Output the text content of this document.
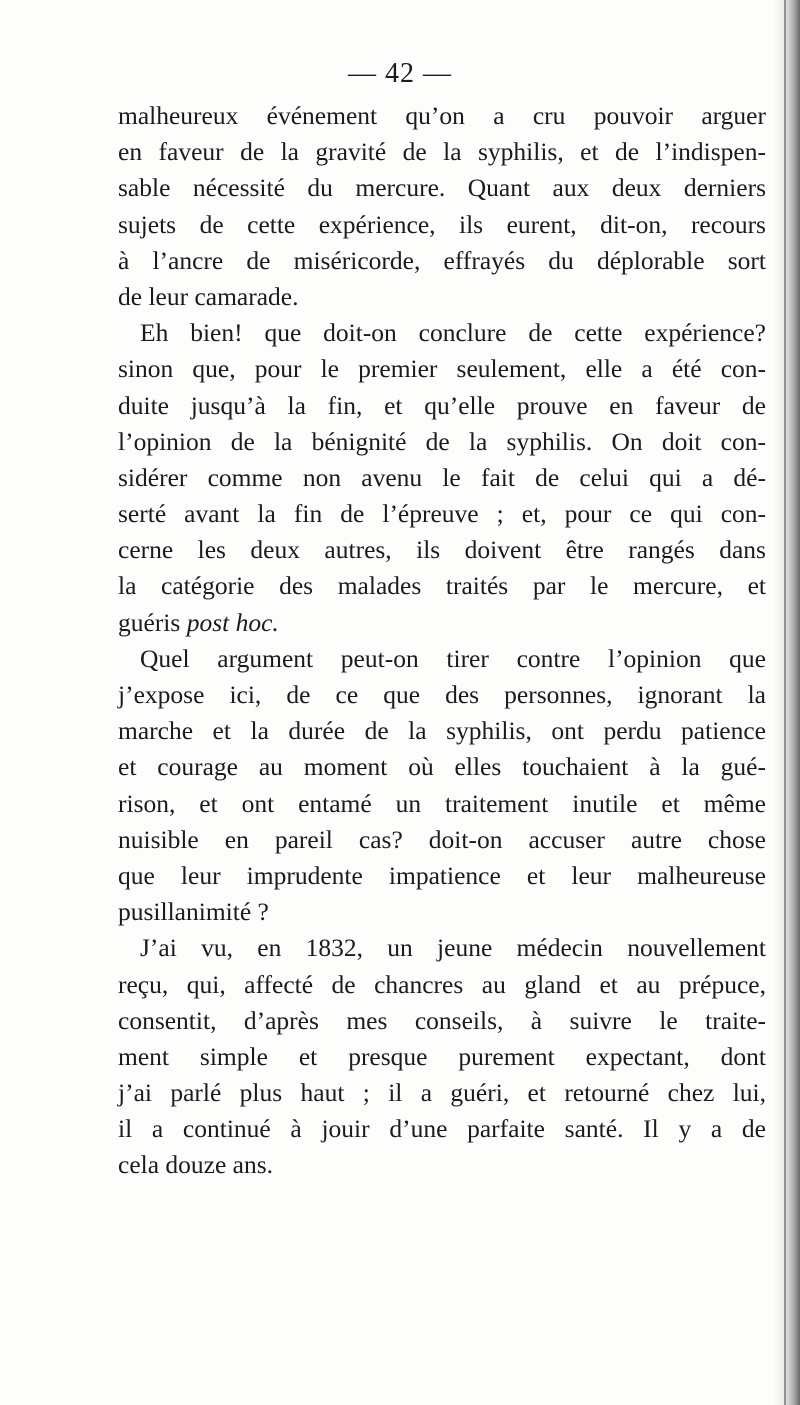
— 42 —
malheureux événement qu’on a cru pouvoir arguer
en faveur de la gravité de la syphilis, et de l’indispen-
sable nécessité du mercure. Quant aux deux derniers
sujets de cette expérience, ils eurent, dit-on, recours
à l’ancre de miséricorde, effrayés du déplorable sort
de leur camarade.
Eh bien! que doit-on conclure de cette expérience?
sinon que, pour le premier seulement, elle a été con-
duite jusqu’à la fin, et qu’elle prouve en faveur de
l’opinion de la bénignité de la syphilis. On doit con-
sidérer comme non avenu le fait de celui qui a dé-
serté avant la fin de l’épreuve ; et, pour ce qui con-
cerne les deux autres, ils doivent être rangés dans
la catégorie des malades traités par le mercure, et
guéris post hoc.
Quel argument peut-on tirer contre l’opinion que
j’expose ici, de ce que des personnes, ignorant la
marche et la durée de la syphilis, ont perdu patience
et courage au moment où elles touchaient à la gué-
rison, et ont entamé un traitement inutile et même
nuisible en pareil cas? doit-on accuser autre chose
que leur imprudente impatience et leur malheureuse
pusillanimité ?
J’ai vu, en 1832, un jeune médecin nouvellement
reçu, qui, affecté de chancres au gland et au prépuce,
consentit, d’après mes conseils, à suivre le traite-
ment simple et presque purement expectant, dont
j’ai parlé plus haut ; il a guéri, et retourné chez lui,
il a continué à jouir d’une parfaite santé. Il y a de
cela douze ans.
